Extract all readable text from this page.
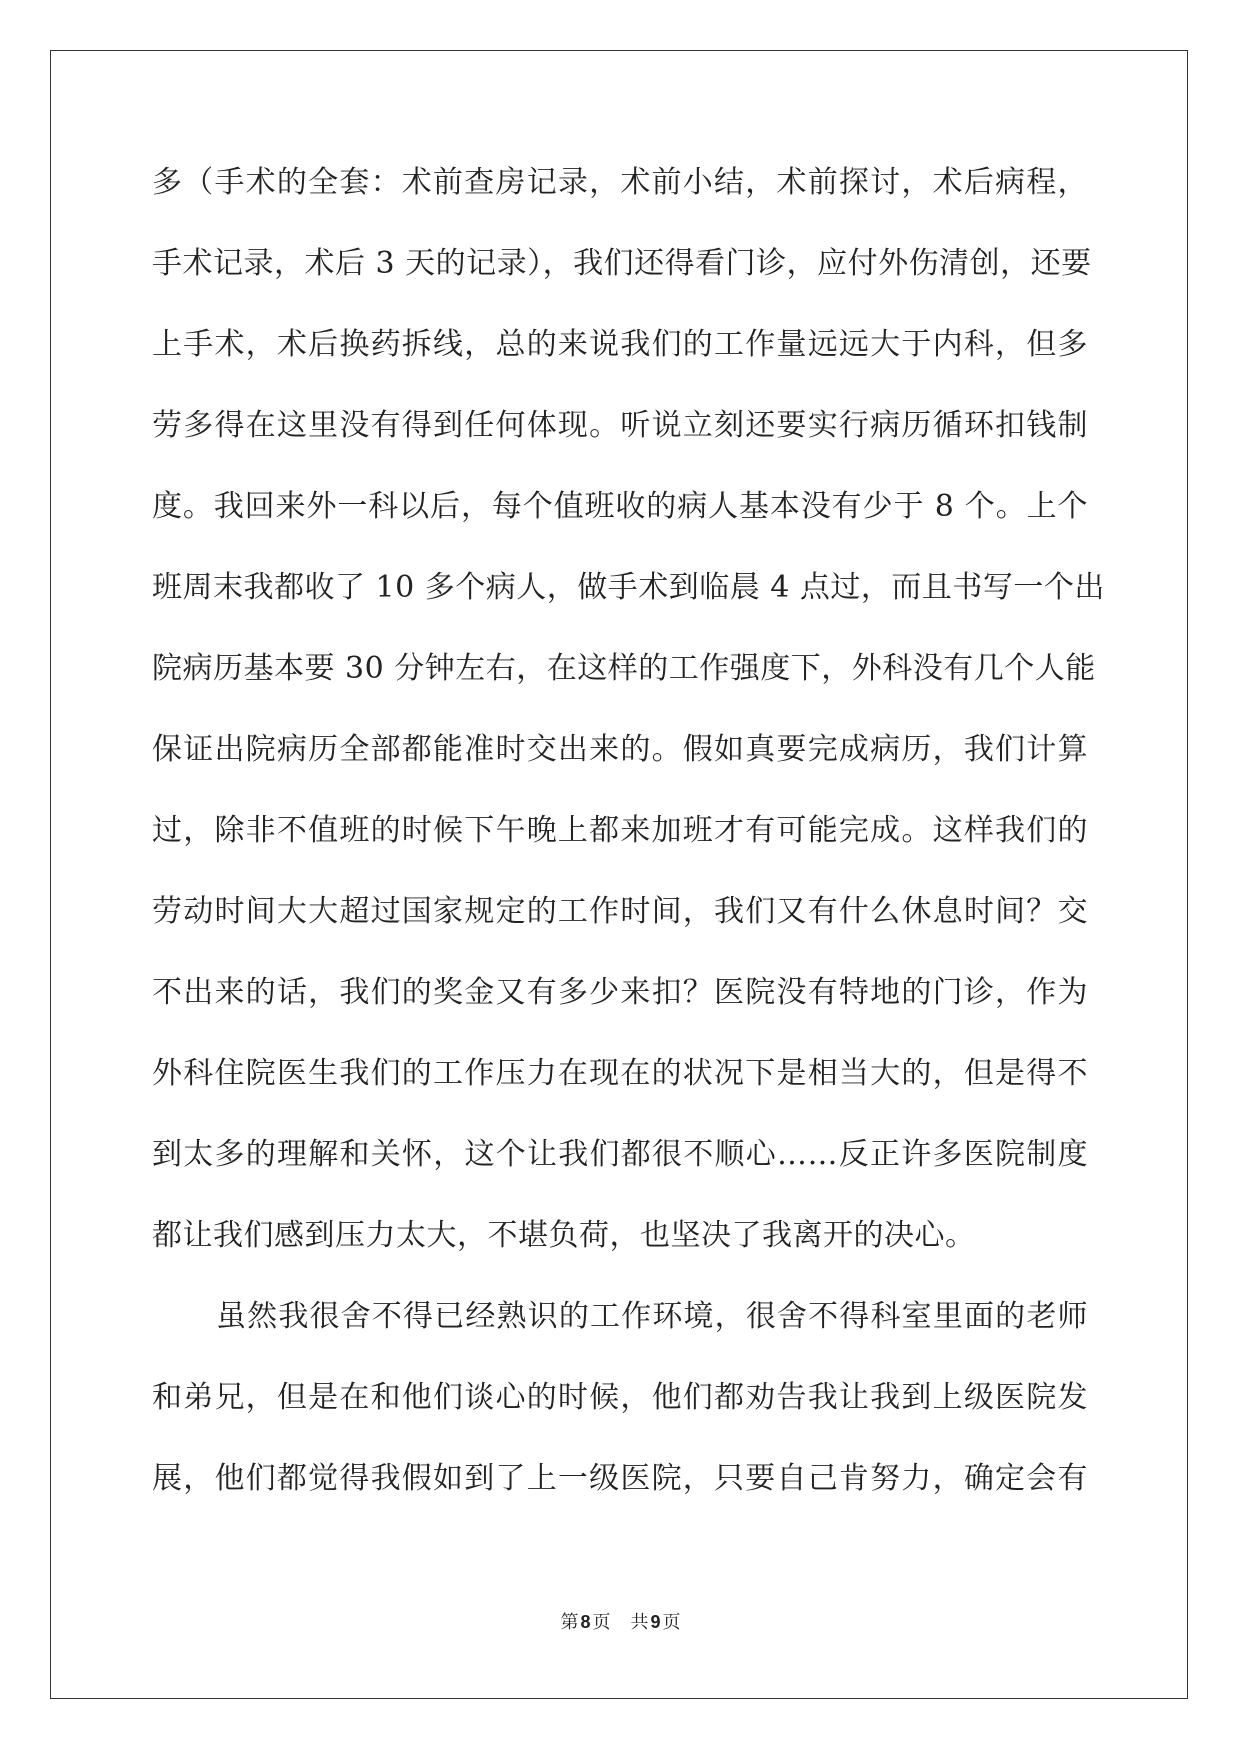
多（手术的全套：术前查房记录，术前小结，术前探讨，术后病程，
手术记录，术后 3 天的记录），我们还得看门诊，应付外伤清创，还要
上手术，术后换药拆线，总的来说我们的工作量远远大于内科，但多
劳多得在这里没有得到任何体现。听说立刻还要实行病历循环扣钱制
度。我回来外一科以后，每个值班收的病人基本没有少于 8 个。上个
班周末我都收了 10 多个病人，做手术到临晨 4 点过，而且书写一个出
院病历基本要 30 分钟左右，在这样的工作强度下，外科没有几个人能
保证出院病历全部都能准时交出来的。假如真要完成病历，我们计算
过，除非不值班的时候下午晚上都来加班才有可能完成。这样我们的
劳动时间大大超过国家规定的工作时间，我们又有什么休息时间？交
不出来的话，我们的奖金又有多少来扣？医院没有特地的门诊，作为
外科住院医生我们的工作压力在现在的状况下是相当大的，但是得不
到太多的理解和关怀，这个让我们都很不顺心……反正许多医院制度
都让我们感到压力太大，不堪负荷，也坚决了我离开的决心。
虽然我很舍不得已经熟识的工作环境，很舍不得科室里面的老师
和弟兄，但是在和他们谈心的时候，他们都劝告我让我到上级医院发
展，他们都觉得我假如到了上一级医院，只要自己肯努力，确定会有
第 8 页 共 9 页
